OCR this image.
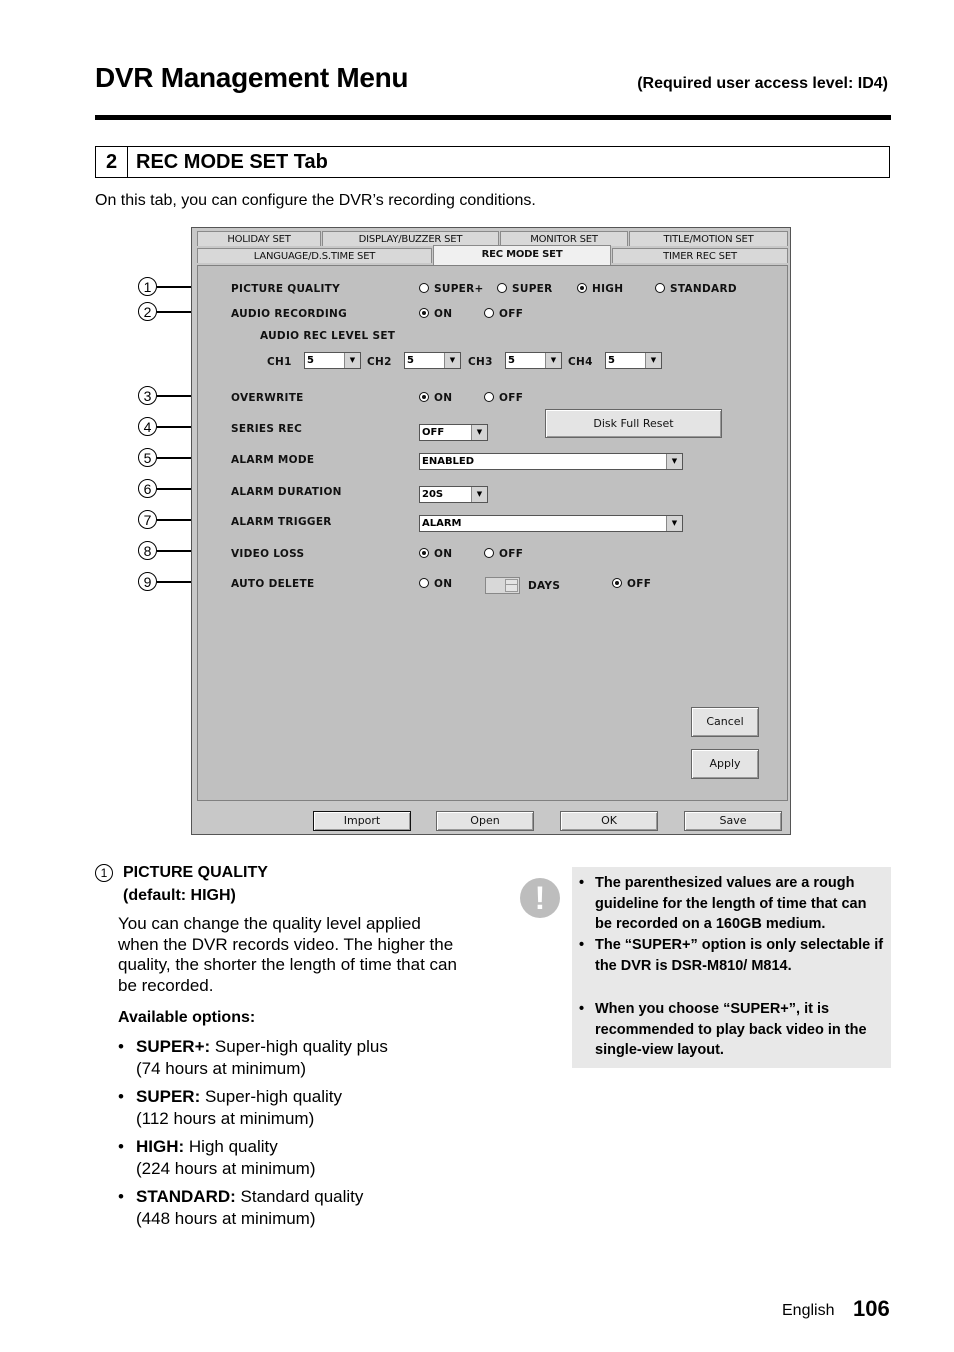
DVR Management Menu	(Required user access level: ID4)
2 REC MODE SET Tab
On this tab, you can configure the DVR’s recording conditions.
1
2
3
4
5
6
7
8
9
HOLIDAY SET	DISPLAY/BUZZER SET	MONITOR SET	TITLE/MOTION SET
LANGUAGE/D.S.TIME SET	REC MODE SET	TIMER REC SET
PICTURE QUALITY	SUPER+	SUPER	HIGH	STANDARD
AUDIO RECORDING	ON	OFF
AUDIO REC LEVEL SET
CH1	5	▼	CH2	5	▼	CH3	5	▼	CH4	5	▼
OVERWRITE	ON	OFF
SERIES REC	OFF	▼
Disk Full Reset
ALARM MODE	ENABLED	▼
ALARM DURATION	20S	▼
ALARM TRIGGER	ALARM	▼
VIDEO LOSS	ON	OFF
AUTO DELETE	ON	DAYS	OFF
Cancel
Apply
Import	Open	OK	Save
1 PICTURE QUALITY
(default: HIGH)
You can change the quality level applied when the DVR records video. The higher the quality, the shorter the length of time that can be recorded.
Available options:
• SUPER+: Super-high quality plus
(74 hours at minimum)
• SUPER: Super-high quality
(112 hours at minimum)
• HIGH: High quality
(224 hours at minimum)
• STANDARD: Standard quality
(448 hours at minimum)
!	• The parenthesized values are a rough guideline for the length of time that can be recorded on a 160GB medium.
• The “SUPER+” option is only selectable if the DVR is DSR-M810/ M814.
• When you choose “SUPER+”, it is recommended to play back video in the single-view layout.
English 106
